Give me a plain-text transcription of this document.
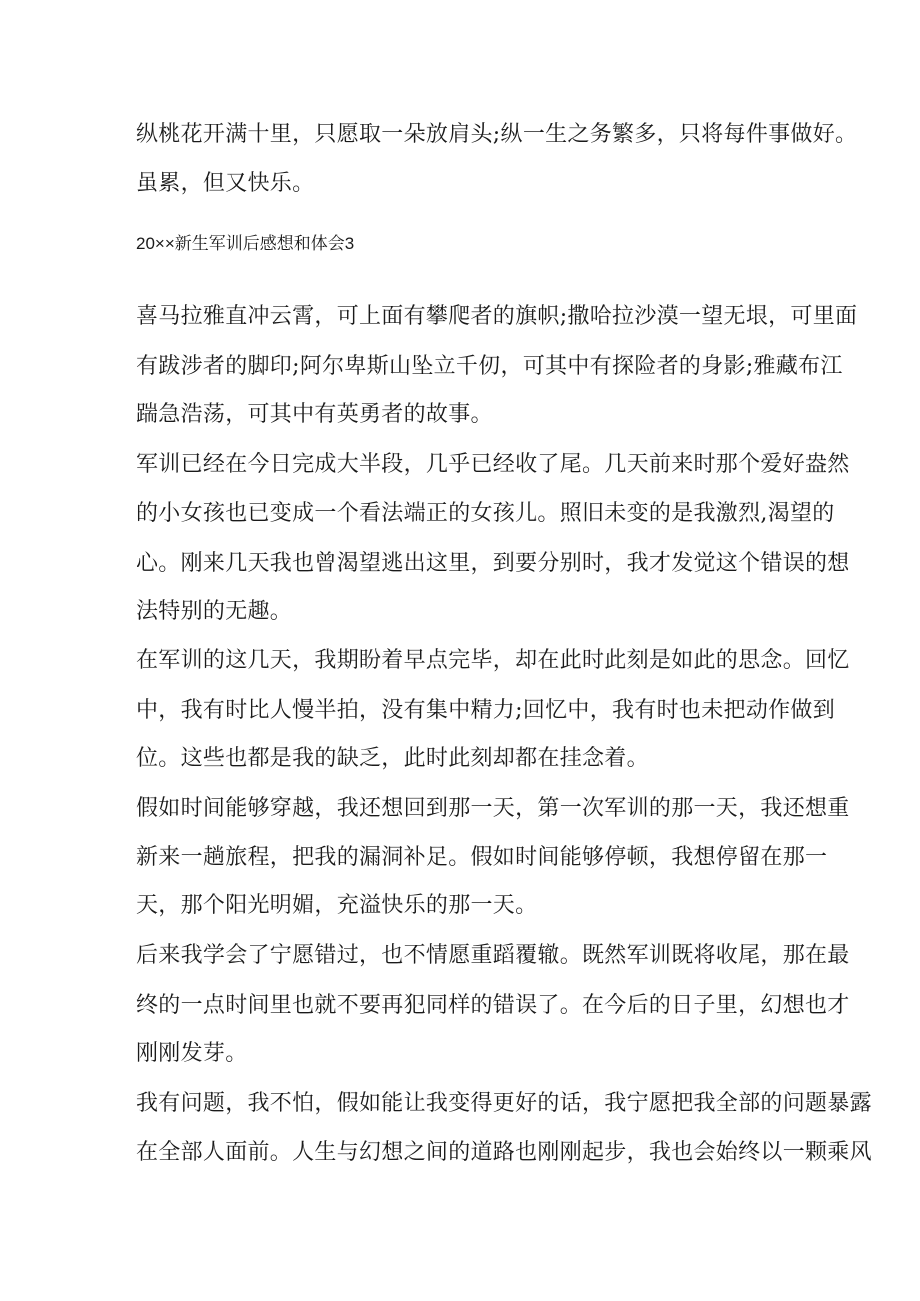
纵桃花开满十里，只愿取一朵放肩头;纵一生之务繁多，只将每件事做好。
虽累，但又快乐。
20××新生军训后感想和体会3
喜马拉雅直冲云霄，可上面有攀爬者的旗帜;撒哈拉沙漠一望无垠，可里面
有跋涉者的脚印;阿尔卑斯山坠立千仞，可其中有探险者的身影;雅藏布江
踹急浩荡，可其中有英勇者的故事。
军训已经在今日完成大半段，几乎已经收了尾。几天前来时那个爱好盎然
的小女孩也已变成一个看法端正的女孩儿。照旧未变的是我激烈,渴望的
心。刚来几天我也曾渴望逃出这里，到要分别时，我才发觉这个错误的想
法特别的无趣。
在军训的这几天，我期盼着早点完毕，却在此时此刻是如此的思念。回忆
中，我有时比人慢半拍，没有集中精力;回忆中，我有时也未把动作做到
位。这些也都是我的缺乏，此时此刻却都在挂念着。
假如时间能够穿越，我还想回到那一天，第一次军训的那一天，我还想重
新来一趟旅程，把我的漏洞补足。假如时间能够停顿，我想停留在那一
天，那个阳光明媚，充溢快乐的那一天。
后来我学会了宁愿错过，也不情愿重蹈覆辙。既然军训既将收尾，那在最
终的一点时间里也就不要再犯同样的错误了。在今后的日子里，幻想也才
刚刚发芽。
我有问题，我不怕，假如能让我变得更好的话，我宁愿把我全部的问题暴露
在全部人面前。人生与幻想之间的道路也刚刚起步，我也会始终以一颗乘风
